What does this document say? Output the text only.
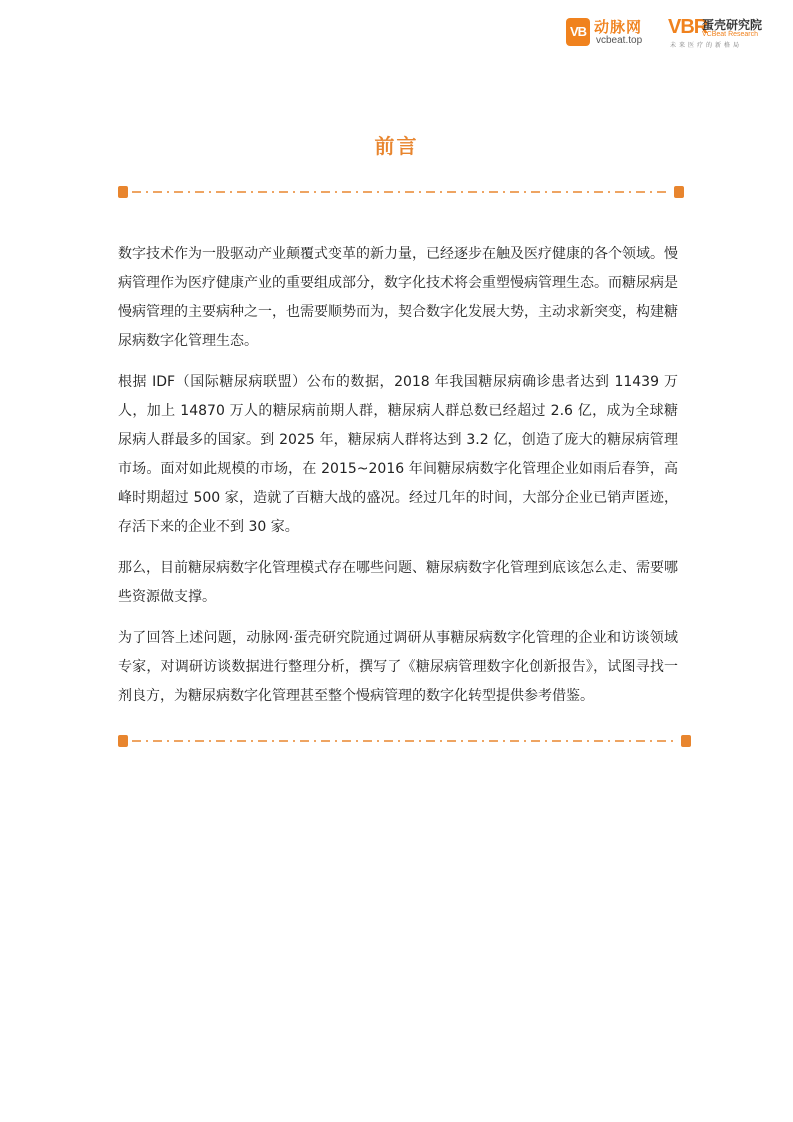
VB 动脉网
vcbeat.top
VBR
蛋壳研究院
VCBeat Research
未来医疗的新格局
前言

数字技术作为一股驱动产业颠覆式变革的新力量，已经逐步在触及医疗健康的各个领域。慢病管理作为医疗健康产业的重要组成部分，数字化技术将会重塑慢病管理生态。而糖尿病是慢病管理的主要病种之一，也需要顺势而为，契合数字化发展大势，主动求新突变，构建糖尿病数字化管理生态。

根据 IDF（国际糖尿病联盟）公布的数据，2018 年我国糖尿病确诊患者达到 11439 万人，加上 14870 万人的糖尿病前期人群，糖尿病人群总数已经超过 2.6 亿，成为全球糖尿病人群最多的国家。到 2025 年，糖尿病人群将达到 3.2 亿，创造了庞大的糖尿病管理市场。面对如此规模的市场，在 2015~2016 年间糖尿病数字化管理企业如雨后春笋，高峰时期超过 500 家，造就了百糖大战的盛况。经过几年的时间，大部分企业已销声匿迹，存活下来的企业不到 30 家。

那么，目前糖尿病数字化管理模式存在哪些问题、糖尿病数字化管理到底该怎么走、需要哪些资源做支撑。

为了回答上述问题，动脉网·蛋壳研究院通过调研从事糖尿病数字化管理的企业和访谈领域专家，对调研访谈数据进行整理分析，撰写了《糖尿病管理数字化创新报告》，试图寻找一剂良方，为糖尿病数字化管理甚至整个慢病管理的数字化转型提供参考借鉴。
